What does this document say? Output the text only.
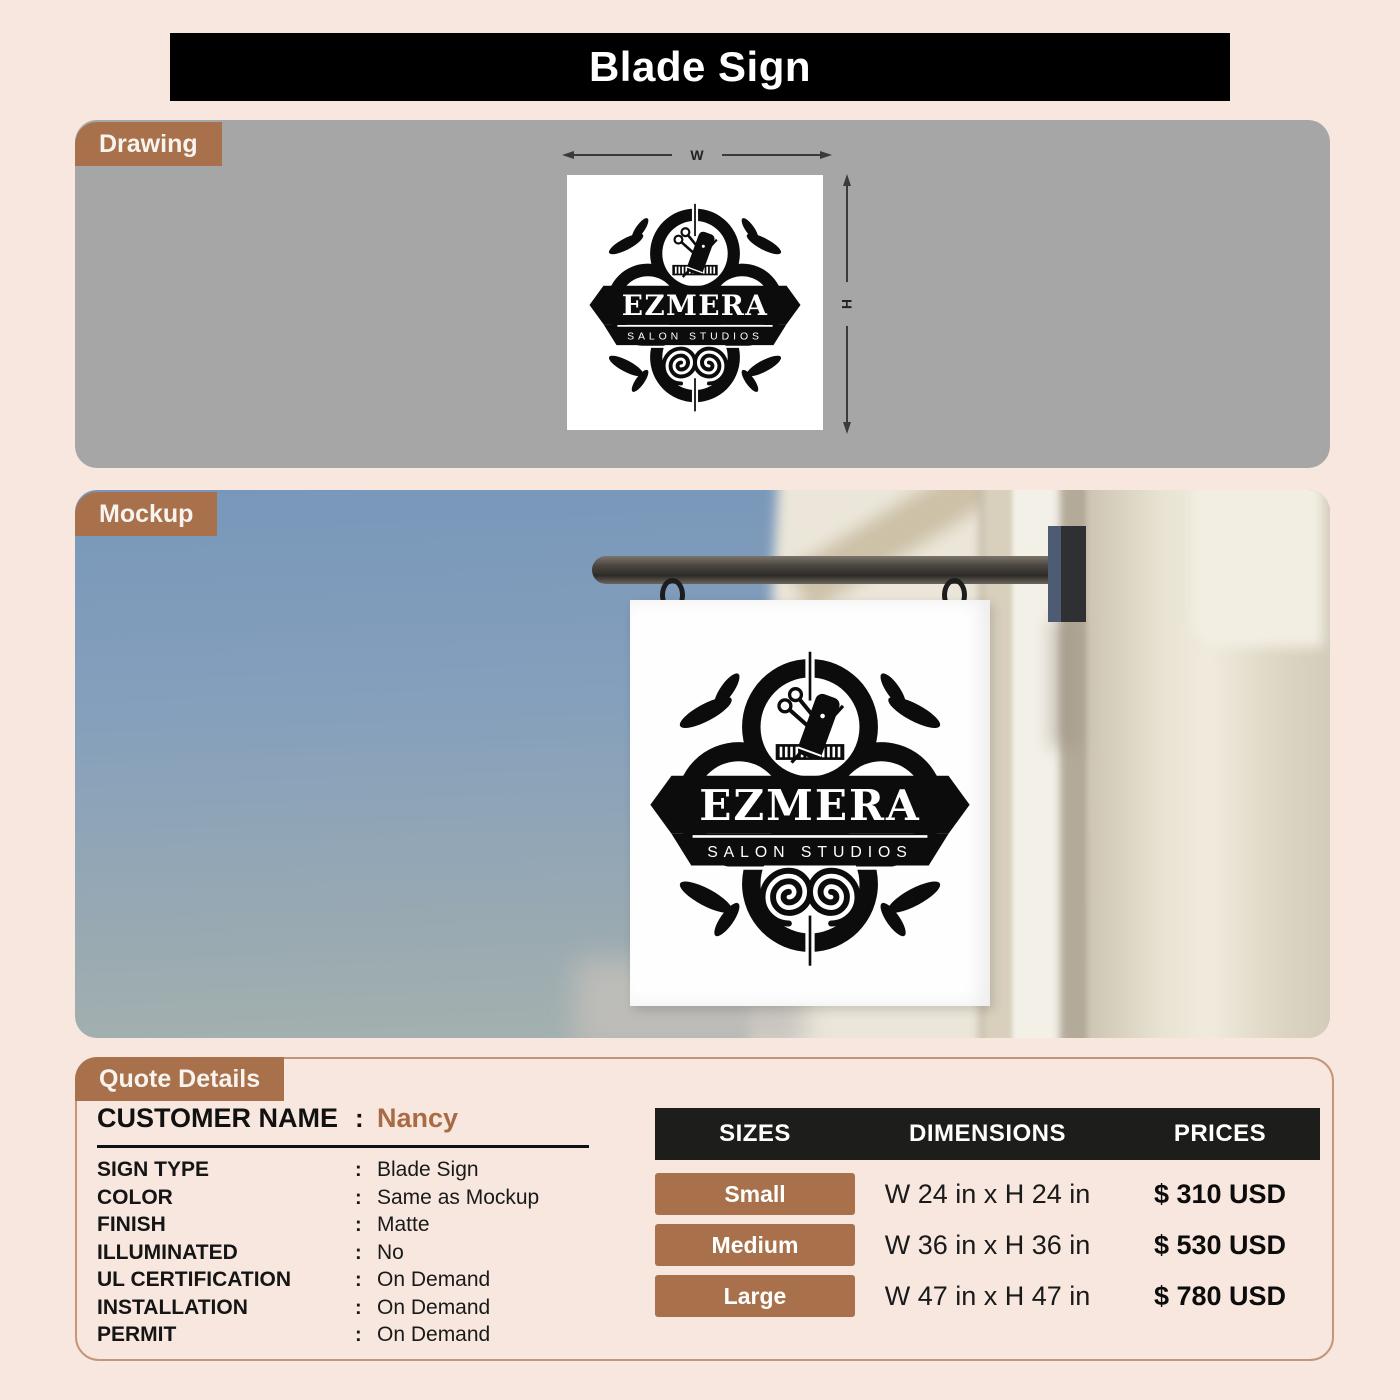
Blade Sign
Drawing	W
H
Mockup
Quote Details
CUSTOMER NAME : Nancy
SIGN TYPE	: Blade Sign
COLOR	: Same as Mockup
FINISH	: Matte
ILLUMINATED	: No
UL CERTIFICATION	: On Demand
INSTALLATION	: On Demand
PERMIT	: On Demand
SIZES	DIMENSIONS	PRICES
Small	W 24 in x H 24 in	$ 310 USD
Medium	W 36 in x H 36 in	$ 530 USD
Large	W 47 in x H 47 in	$ 780 USD
